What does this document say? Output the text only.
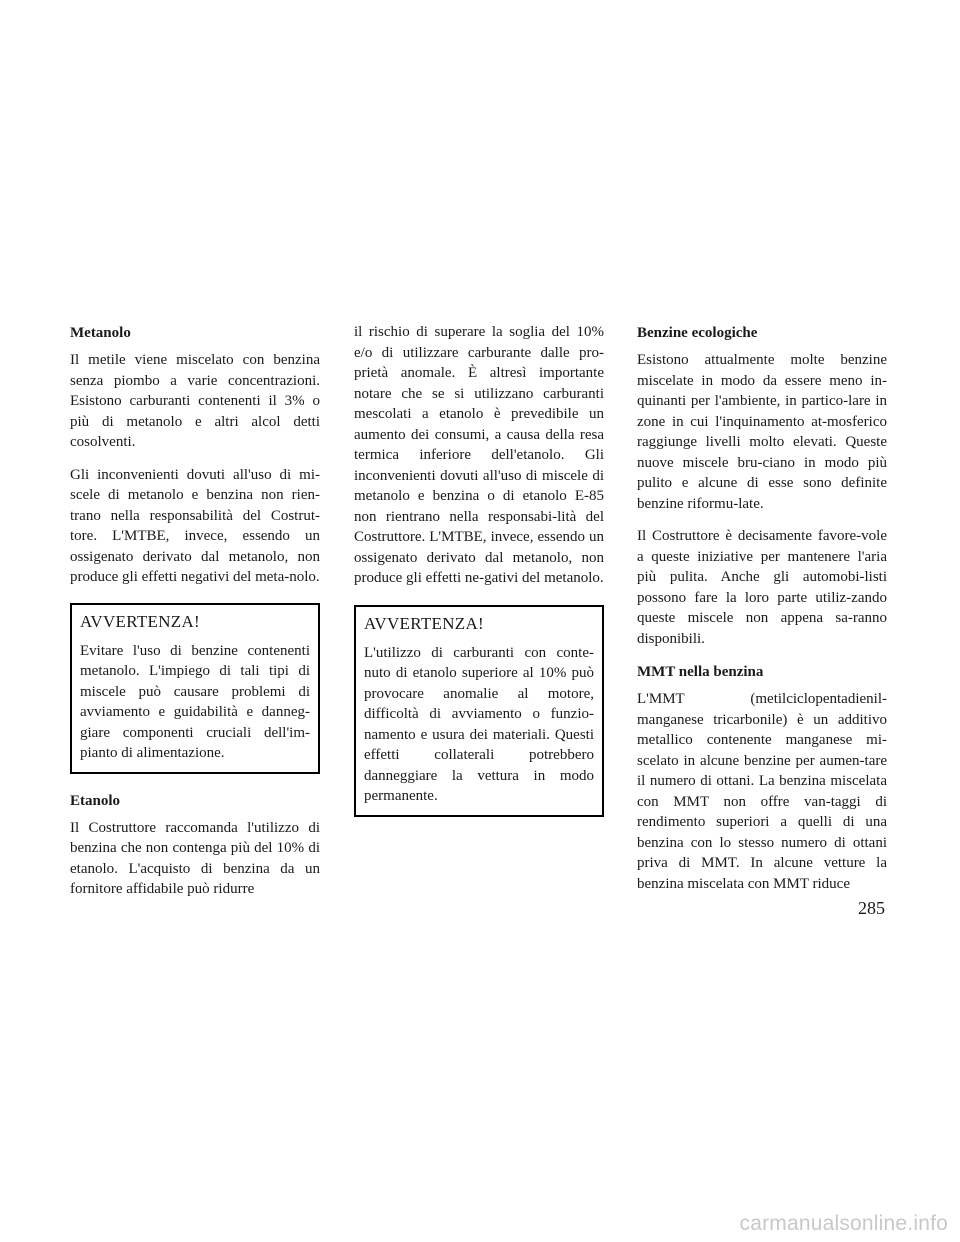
Metanolo

Il metile viene miscelato con benzina senza piombo a varie concentrazioni. Esistono carburanti contenenti il 3% o più di metanolo e altri alcol detti cosolventi.

Gli inconvenienti dovuti all'uso di mi-scele di metanolo e benzina non rien-trano nella responsabilità del Costrut-tore. L'MTBE, invece, essendo un ossigenato derivato dal metanolo, non produce gli effetti negativi del meta-nolo.

AVVERTENZA!

Evitare l'uso di benzine contenenti metanolo. L'impiego di tali tipi di miscele può causare problemi di avviamento e guidabilità e danneg-giare componenti cruciali dell'im-pianto di alimentazione.

Etanolo

Il Costruttore raccomanda l'utilizzo di benzina che non contenga più del 10% di etanolo. L'acquisto di benzina da un fornitore affidabile può ridurre

il rischio di superare la soglia del 10% e/o di utilizzare carburante dalle pro-prietà anomale. È altresì importante notare che se si utilizzano carburanti mescolati a etanolo è prevedibile un aumento dei consumi, a causa della resa termica inferiore dell'etanolo. Gli inconvenienti dovuti all'uso di miscele di metanolo e benzina o di etanolo E-85 non rientrano nella responsabi-lità del Costruttore. L'MTBE, invece, essendo un ossigenato derivato dal metanolo, non produce gli effetti ne-gativi del metanolo.

AVVERTENZA!

L'utilizzo di carburanti con conte-nuto di etanolo superiore al 10% può provocare anomalie al motore, difficoltà di avviamento o funzio-namento e usura dei materiali. Questi effetti collaterali potrebbero danneggiare la vettura in modo permanente.

Benzine ecologiche

Esistono attualmente molte benzine miscelate in modo da essere meno in-quinanti per l'ambiente, in partico-lare in zone in cui l'inquinamento at-mosferico raggiunge livelli molto elevati. Queste nuove miscele bru-ciano in modo più pulito e alcune di esse sono definite benzine riformu-late.

Il Costruttore è decisamente favore-vole a queste iniziative per mantenere l'aria più pulita. Anche gli automobi-listi possono fare la loro parte utiliz-zando queste miscele non appena sa-ranno disponibili.

MMT nella benzina

L'MMT (metilciclopentadienil-manganese tricarbonile) è un additivo metallico contenente manganese mi-scelato in alcune benzine per aumen-tare il numero di ottani. La benzina miscelata con MMT non offre van-taggi di rendimento superiori a quelli di una benzina con lo stesso numero di ottani priva di MMT. In alcune vetture la benzina miscelata con MMT riduce

285
carmanualsonline.info
